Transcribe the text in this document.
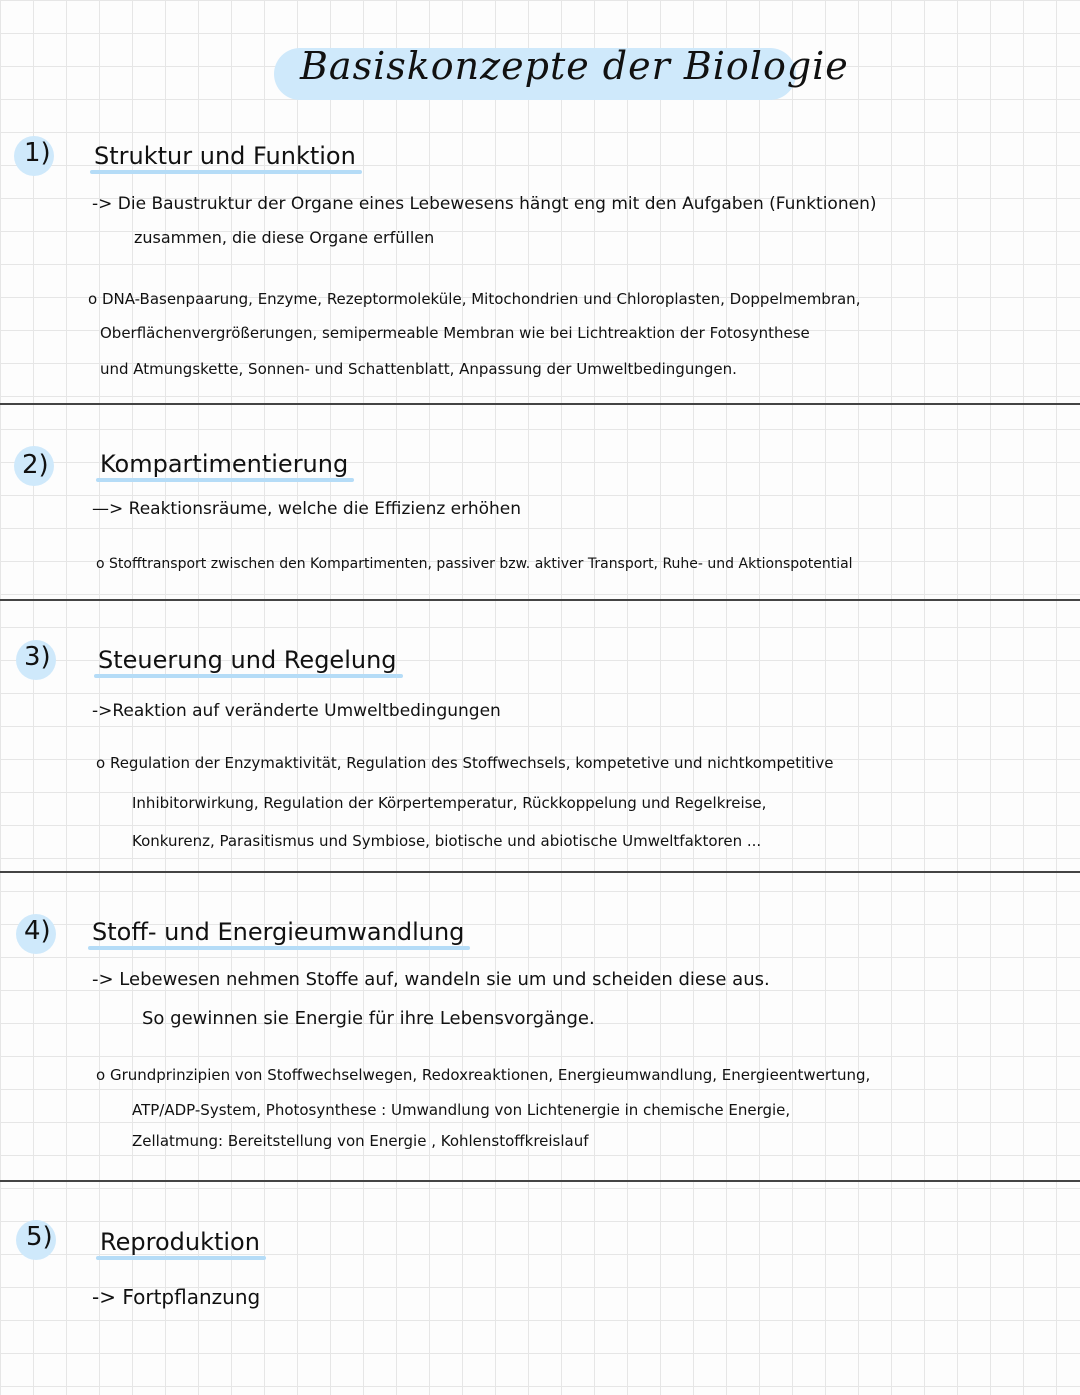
Basiskonzepte der Biologie
1) Struktur und Funktion
-> Die Baustruktur der Organe eines Lebewesens hängt eng mit den Aufgaben (Funktionen)
zusammen, die diese Organe erfüllen
o DNA-Basenpaarung, Enzyme, Rezeptormoleküle, Mitochondrien und Chloroplasten, Doppelmembran,
Oberflächenvergrößerungen, semipermeable Membran wie bei Lichtreaktion der Fotosynthese
und Atmungskette, Sonnen- und Schattenblatt, Anpassung der Umweltbedingungen.
2) Kompartimentierung
—> Reaktionsräume, welche die Effizienz erhöhen
o Stofftransport zwischen den Kompartimenten, passiver bzw. aktiver Transport, Ruhe- und Aktionspotential
3) Steuerung und Regelung
->Reaktion auf veränderte Umweltbedingungen
o Regulation der Enzymaktivität, Regulation des Stoffwechsels, kompetetive und nichtkompetitive
Inhibitorwirkung, Regulation der Körpertemperatur, Rückkoppelung und Regelkreise,
Konkurenz, Parasitismus und Symbiose, biotische und abiotische Umweltfaktoren ...
4) Stoff- und Energieumwandlung
-> Lebewesen nehmen Stoffe auf, wandeln sie um und scheiden diese aus.
So gewinnen sie Energie für ihre Lebensvorgänge.
o Grundprinzipien von Stoffwechselwegen, Redoxreaktionen, Energieumwandlung, Energieentwertung,
ATP/ADP-System, Photosynthese : Umwandlung von Lichtenergie in chemische Energie,
Zellatmung: Bereitstellung von Energie , Kohlenstoffkreislauf
5) Reproduktion
-> Fortpflanzung
